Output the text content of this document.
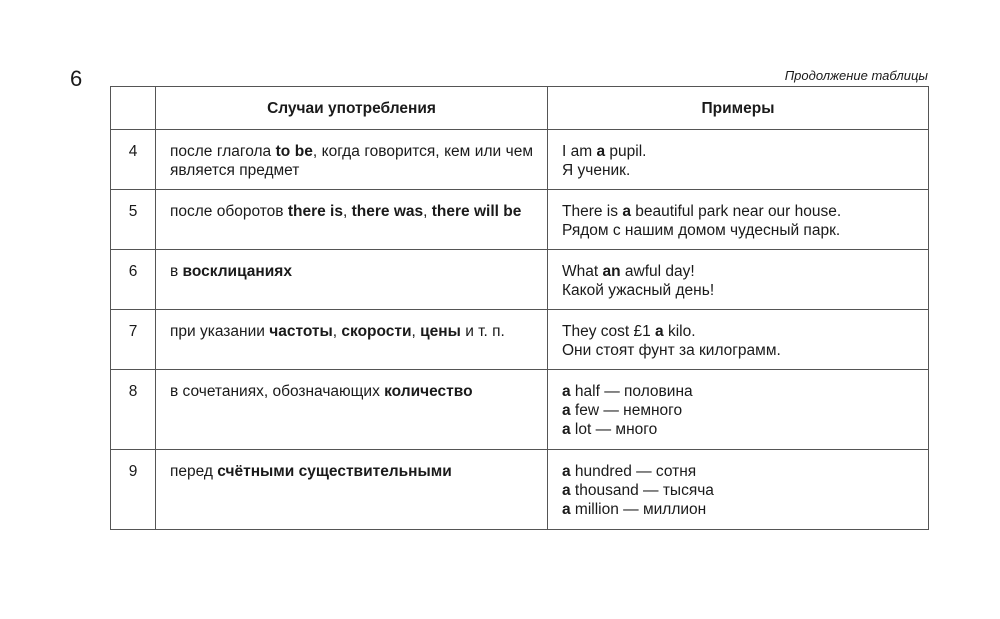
6	Продолжение таблицы
	Случаи употребления	Примеры
4	после глагола to be, когда говорится, кем или чем является предмет	I am a pupil.
Я ученик.

5	после оборотов there is, there was, there will be	There is a beautiful park near our house.
Рядом с нашим домом чудесный парк.

6	в восклицаниях	What an awful day!
Какой ужасный день!

7	при указании частоты, скорости, цены и т. п.	They cost £1 a kilo.
Они стоят фунт за килограмм.

8	в сочетаниях, обозначающих количество	a half — половина
a few — немного
a lot — много

9	перед счётными существительными	a hundred — сотня
a thousand — тысяча
a million — миллион
